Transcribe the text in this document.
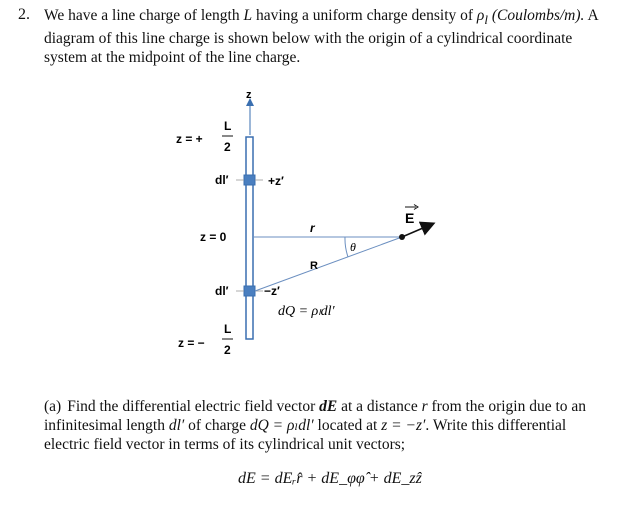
2. We have a line charge of length L having a uniform charge density of $\rho_l$ (Coulombs/m). A diagram of this line charge is shown below with the origin of a cylindrical coordinate system at the midpoint of the line charge.
z
z = +
L
2
dl′	+z′
z = 0
r
θ
R
E
dl′	−z′
dQ = ρₗdl′
z = −
L
2
(a) Find the differential electric field vector dE at a distance r from the origin due to an infinitesimal length dl′ of charge dQ = ρₗdl′ located at z = −z′. Write this differential electric field vector in terms of its cylindrical unit vectors;
dE = dEᵣr̂ + dE_φφ̂ + dE_zẑ
